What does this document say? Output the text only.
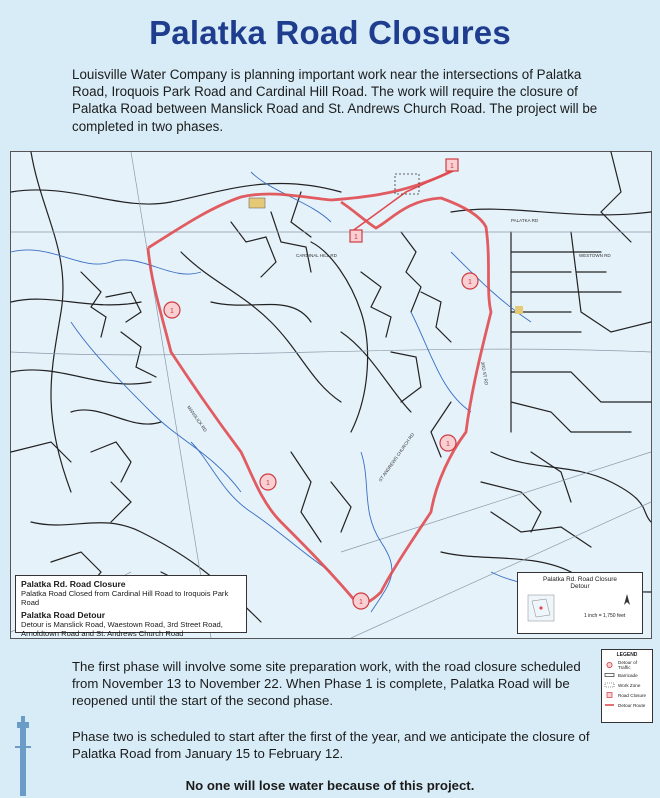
Palatka Road Closures
Louisville Water Company is planning important work near the intersections of Palatka Road, Iroquois Park Road and Cardinal Hill Road. The work will require the closure of Palatka Road between Manslick Road and St. Andrews Church Road. The project will be completed in two phases.
1
1
1
1
1
1
1
MANSLICK RD
ST ANDREWS CHURCH RD
CARDINAL HILL RD
PALATKA RD
WESTOWN RD
3RD ST RD
LEGEND
Detour of Traffic
Barricade
Work Zone
Road Closure
Detour Route
Palatka Rd. Road Closure
Palatka Road Closed from Cardinal Hill Road to Iroquois Park Road
Palatka Road Detour
Detour is Manslick Road, Waestown Road, 3rd Street Road, Arnoldtown Road and St. Andrews Church Road
Palatka Rd. Road Closure
Detour
1 inch = 1,750 feet
The first phase will involve some site preparation work, with the road closure scheduled from November 13 to November 22. When Phase 1 is complete, Palatka Road will be reopened until the start of the second phase.
Phase two is scheduled to start after the first of the year, and we anticipate the closure of Palatka Road from January 15 to February 12.
No one will lose water because of this project.
